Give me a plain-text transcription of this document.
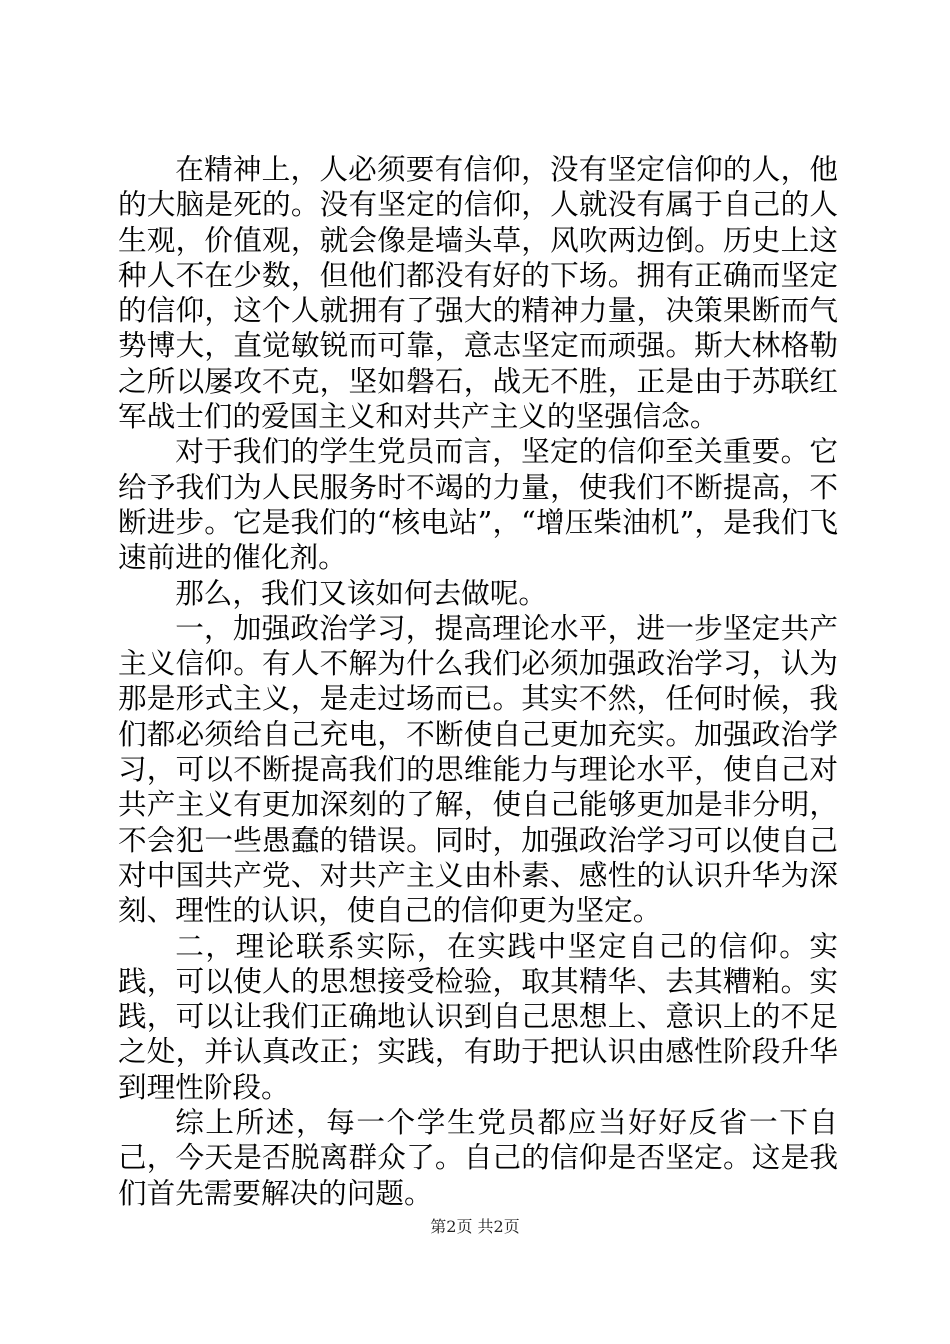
在精神上，人必须要有信仰，没有坚定信仰的人，他的大脑是死的。没有坚定的信仰，人就没有属于自己的人生观，价值观，就会像是墙头草，风吹两边倒。历史上这种人不在少数，但他们都没有好的下场。拥有正确而坚定的信仰，这个人就拥有了强大的精神力量，决策果断而气势博大，直觉敏锐而可靠，意志坚定而顽强。斯大林格勒之所以屡攻不克，坚如磐石，战无不胜，正是由于苏联红军战士们的爱国主义和对共产主义的坚强信念。

对于我们的学生党员而言，坚定的信仰至关重要。它给予我们为人民服务时不竭的力量，使我们不断提高，不断进步。它是我们的“核电站”，“增压柴油机”，是我们飞速前进的催化剂。

那么，我们又该如何去做呢。

一，加强政治学习，提高理论水平，进一步坚定共产主义信仰。有人不解为什么我们必须加强政治学习，认为那是形式主义，是走过场而已。其实不然，任何时候，我们都必须给自己充电，不断使自己更加充实。加强政治学习，可以不断提高我们的思维能力与理论水平，使自己对共产主义有更加深刻的了解，使自己能够更加是非分明，不会犯一些愚蠢的错误。同时，加强政治学习可以使自己对中国共产党、对共产主义由朴素、感性的认识升华为深刻、理性的认识，使自己的信仰更为坚定。

二，理论联系实际，在实践中坚定自己的信仰。实践，可以使人的思想接受检验，取其精华、去其糟粕。实践，可以让我们正确地认识到自己思想上、意识上的不足之处，并认真改正；实践，有助于把认识由感性阶段升华到理性阶段。

综上所述，每一个学生党员都应当好好反省一下自己，今天是否脱离群众了。自己的信仰是否坚定。这是我们首先需要解决的问题。

第2页 共2页
